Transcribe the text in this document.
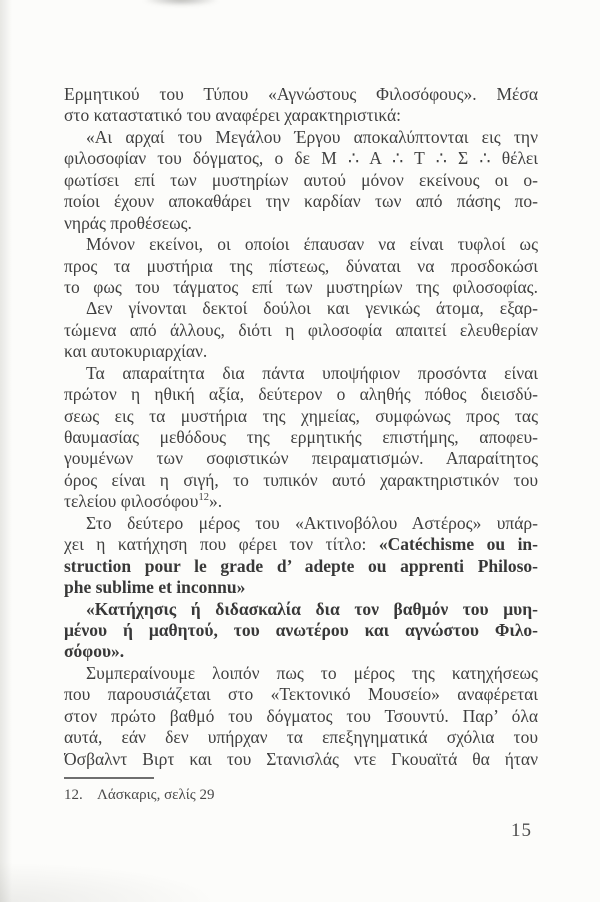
Ερμητικού του Τύπου «Αγνώστους Φιλοσόφους». Μέσα
στο καταστατικό του αναφέρει χαρακτηριστικά:
«Αι αρχαί του Μεγάλου Έργου αποκαλύπτονται εις την
φιλοσοφίαν του δόγματος, ο δε Μ ∴ Α ∴ Τ ∴ Σ ∴ θέλει
φωτίσει επί των μυστηρίων αυτού μόνον εκείνους οι ο-
ποίοι έχουν αποκαθάρει την καρδίαν των από πάσης πο-
νηράς προθέσεως.
Μόνον εκείνοι, οι οποίοι έπαυσαν να είναι τυφλοί ως
προς τα μυστήρια της πίστεως, δύναται να προσδοκώσι
το φως του τάγματος επί των μυστηρίων της φιλοσοφίας.
Δεν γίνονται δεκτοί δούλοι και γενικώς άτομα, εξαρ-
τώμενα από άλλους, διότι η φιλοσοφία απαιτεί ελευθερίαν
και αυτοκυριαρχίαν.
Τα απαραίτητα δια πάντα υποψήφιον προσόντα είναι
πρώτον η ηθική αξία, δεύτερον ο αληθής πόθος διεισδύ-
σεως εις τα μυστήρια της χημείας, συμφώνως προς τας
θαυμασίας μεθόδους της ερμητικής επιστήμης, αποφευ-
γουμένων των σοφιστικών πειραματισμών. Απαραίτητος
όρος είναι η σιγή, το τυπικόν αυτό χαρακτηριστικόν του
τελείου φιλοσόφου$^{12}$».
Στο δεύτερο μέρος του «Ακτινοβόλου Αστέρος» υπάρ-
χει η κατήχηση που φέρει τον τίτλο: «Catéchisme ou in-
struction pour le grade d’ adepte ou apprenti Philoso-
phe sublime et inconnu»
«Κατήχησις ή διδασκαλία δια τον βαθμόν του μυη-
μένου ή μαθητού, του ανωτέρου και αγνώστου Φιλο-
σόφου».
Συμπεραίνουμε λοιπόν πως το μέρος της κατηχήσεως
που παρουσιάζεται στο «Τεκτονικό Μουσείο» αναφέρεται
στον πρώτο βαθμό του δόγματος του Τσουντύ. Παρ’ όλα
αυτά, εάν δεν υπήρχαν τα επεξηγηματικά σχόλια του
Όσβαλντ Βιρτ και του Στανισλάς ντε Γκουαϊτά θα ήταν
12. Λάσκαρις, σελίς 29
15
